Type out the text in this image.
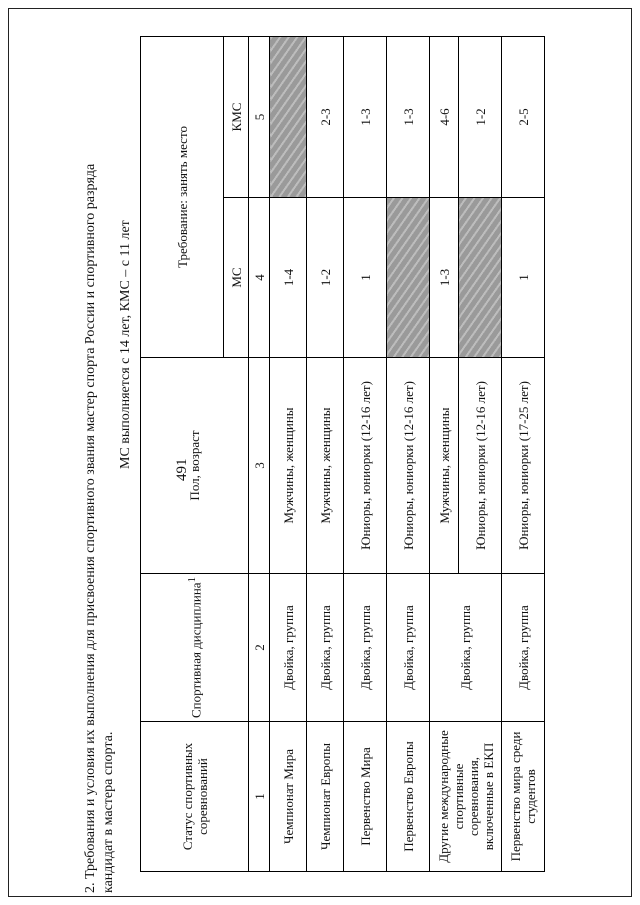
491
2. Требования и условия их выполнения для присвоения спортивного звания мастер спорта России и спортивного разряда кандидат в мастера спорта.
МС выполняется с 14 лет, КМС – с 11 лет
Статус спортивных соревнований	Спортивная дисциплина$^1$	Пол, возраст	Требование: занять место	
			МС	КМС
1	2	3	4	5
Чемпионат Мира	Двойка, группа	Мужчины, женщины	1-4	
Чемпионат Европы	Двойка, группа	Мужчины, женщины	1-2	2-3
Первенство Мира	Двойка, группа	Юниоры, юниорки (12-16 лет)	1	1-3
Первенство Европы	Двойка, группа	Юниоры, юниорки (12-16 лет)		1-3
Другие международные спортивные соревнования, включенные в ЕКП	Двойка, группа	Мужчины, женщины	1-3	4-6
		Юниоры, юниорки (12-16 лет)		1-2
Первенство мира среди студентов	Двойка, группа	Юниоры, юниорки (17-25 лет)	1	2-5
